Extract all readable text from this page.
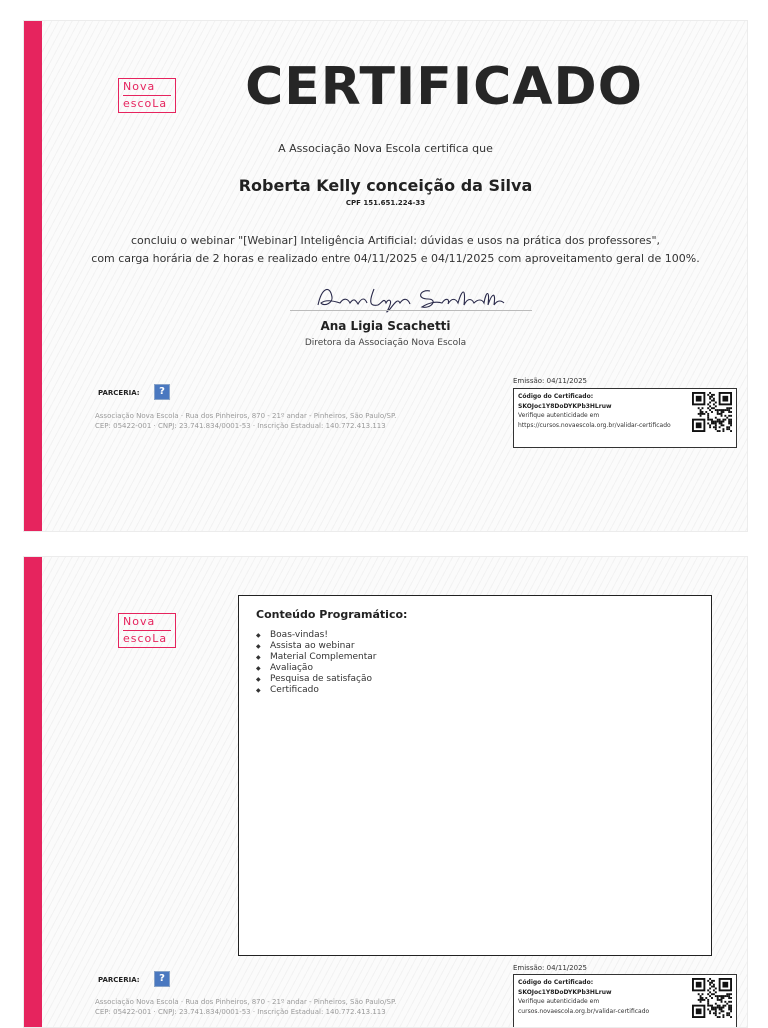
Nova
escoLa	CERTIFICADO
A Associação Nova Escola certifica que
Roberta Kelly conceição da Silva
CPF 151.651.224-33
concluiu o webinar "[Webinar] Inteligência Artificial: dúvidas e usos na prática dos professores",
com carga horária de 2 horas e realizado entre 04/11/2025 e 04/11/2025 com aproveitamento geral de 100%.
Ana Ligia Scachetti
Diretora da Associação Nova Escola
PARCERIA:	?
Associação Nova Escola · Rua dos Pinheiros, 870 - 21º andar - Pinheiros, São Paulo/SP.
CEP: 05422-001 · CNPJ: 23.741.834/0001-53 · Inscrição Estadual: 140.772.413.113
Emissão: 04/11/2025
Código do Certificado:
SKOJoc1Y8DoDYKPb3HLruw
Verifique autenticidade em
https://cursos.novaescola.org.br/validar-certificado
Nova
escoLa
Conteúdo Programático:
◆ Boas-vindas!
◆ Assista ao webinar
◆ Material Complementar
◆ Avaliação
◆ Pesquisa de satisfação
◆ Certificado
PARCERIA:	?
Associação Nova Escola · Rua dos Pinheiros, 870 - 21º andar - Pinheiros, São Paulo/SP.
CEP: 05422-001 · CNPJ: 23.741.834/0001-53 · Inscrição Estadual: 140.772.413.113
Emissão: 04/11/2025
Código do Certificado:
SKOJoc1Y8DoDYKPb3HLruw
Verifique autenticidade em
cursos.novaescola.org.br/validar-certificado
